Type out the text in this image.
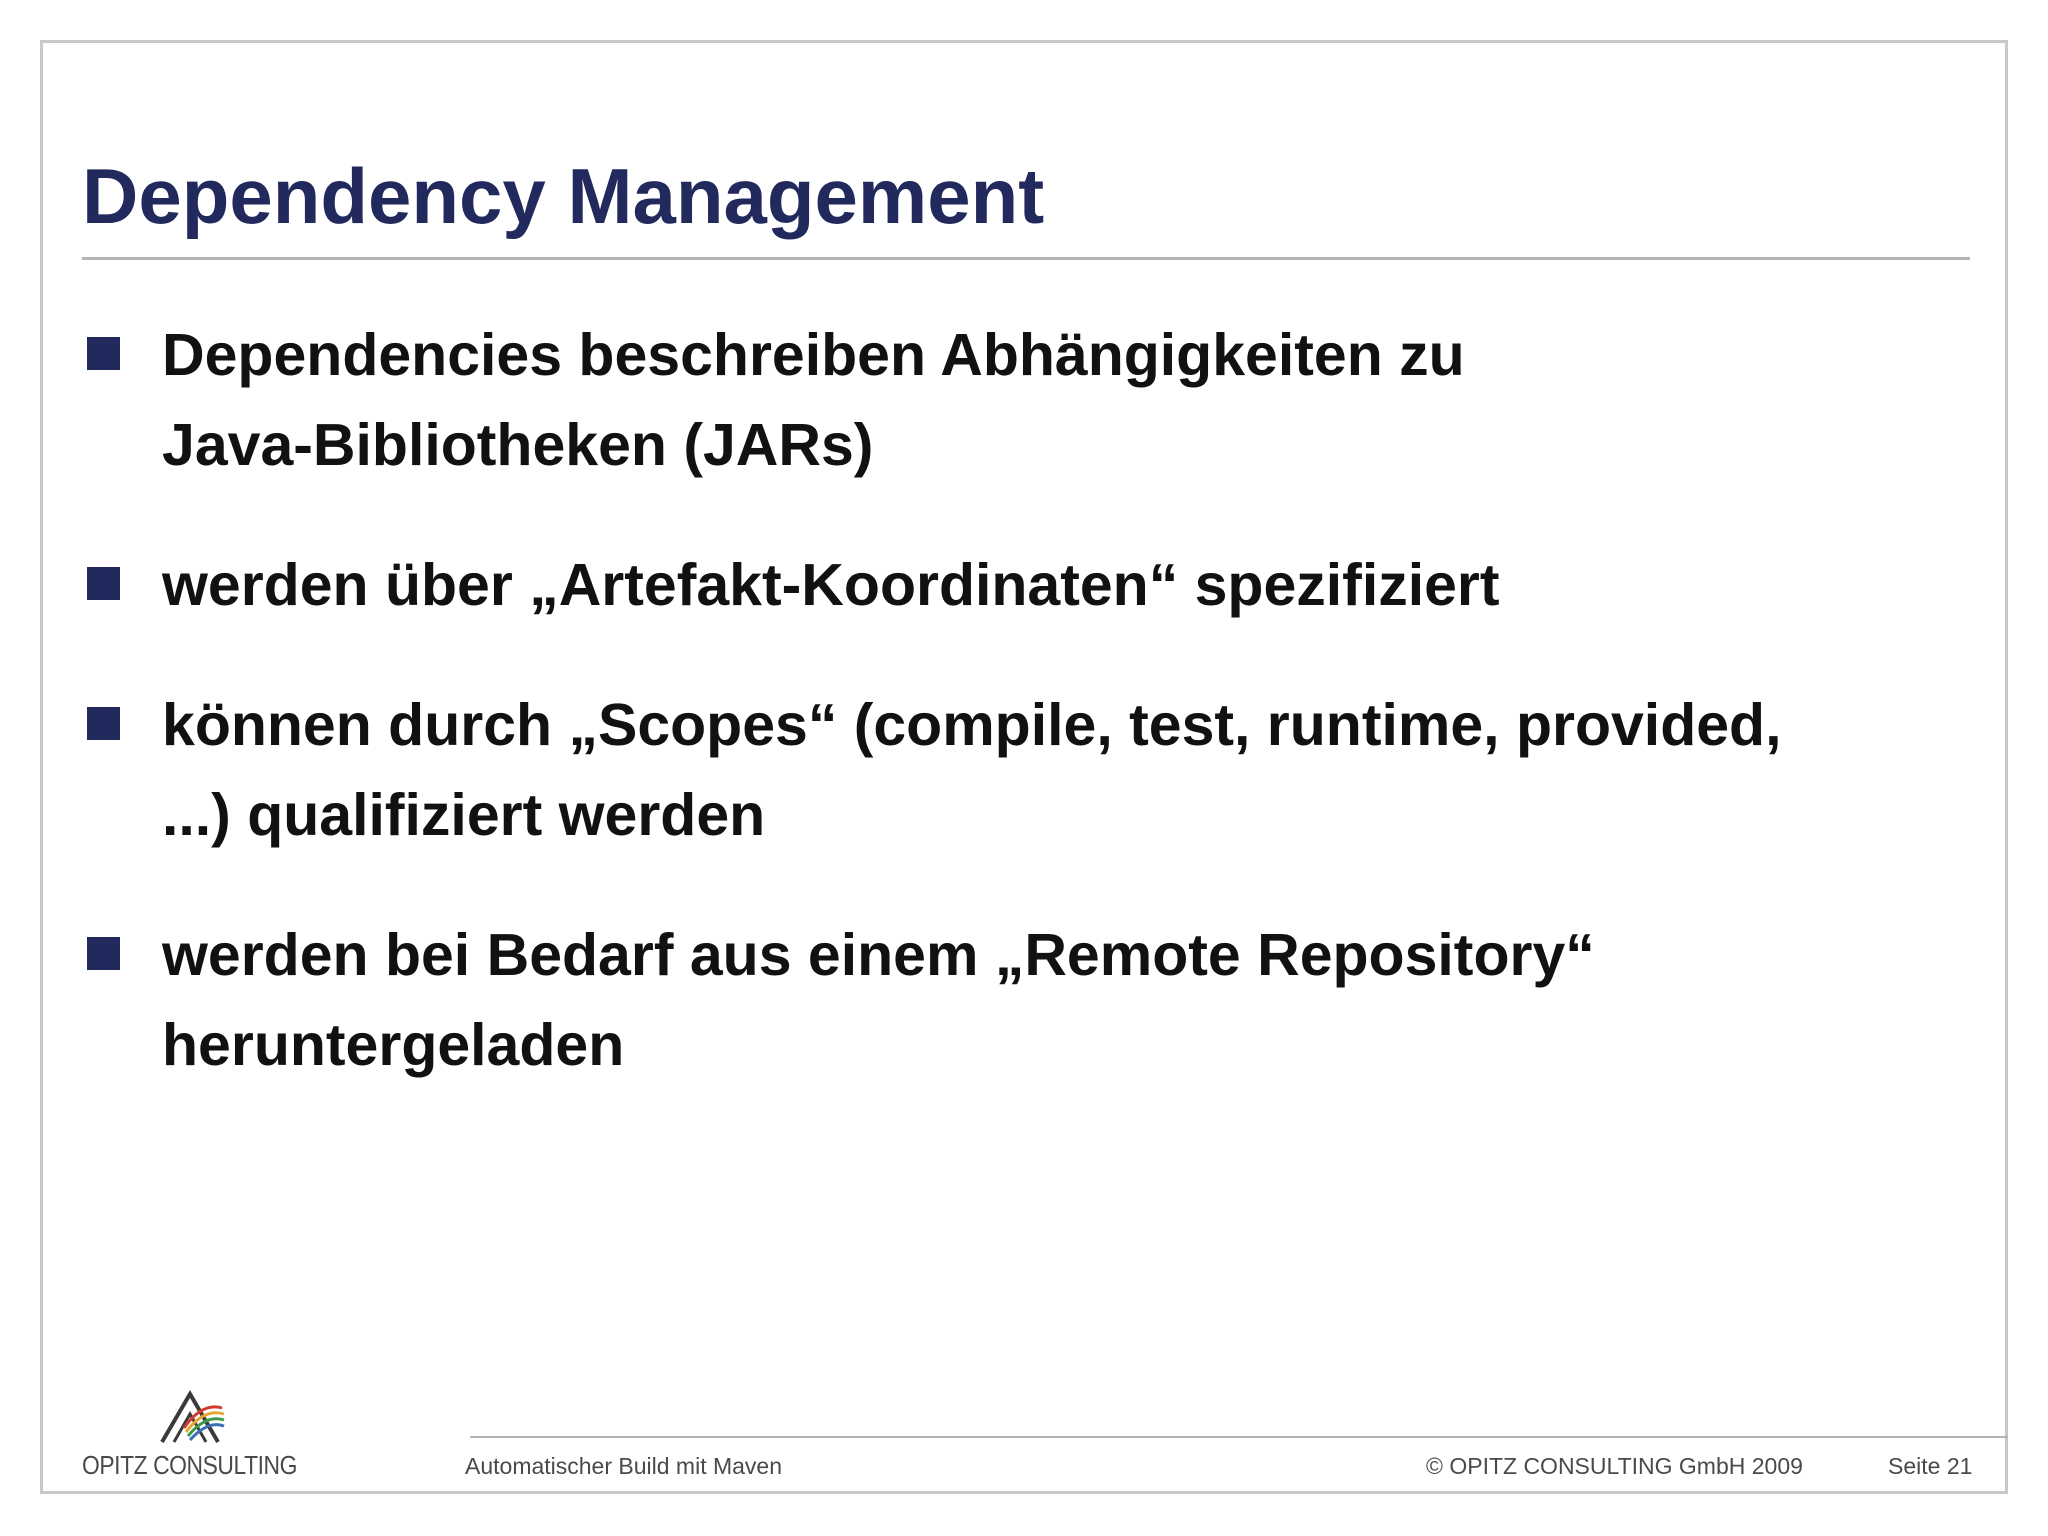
Dependency Management
Dependencies beschreiben Abhängigkeiten zu
Java-Bibliotheken (JARs)
werden über „Artefakt-Koordinaten“ spezifiziert
können durch „Scopes“ (compile, test, runtime, provided,
...) qualifiziert werden
werden bei Bedarf aus einem „Remote Repository“
heruntergeladen
OPITZ CONSULTING	Automatischer Build mit Maven	© OPITZ CONSULTING GmbH 2009	Seite 21
